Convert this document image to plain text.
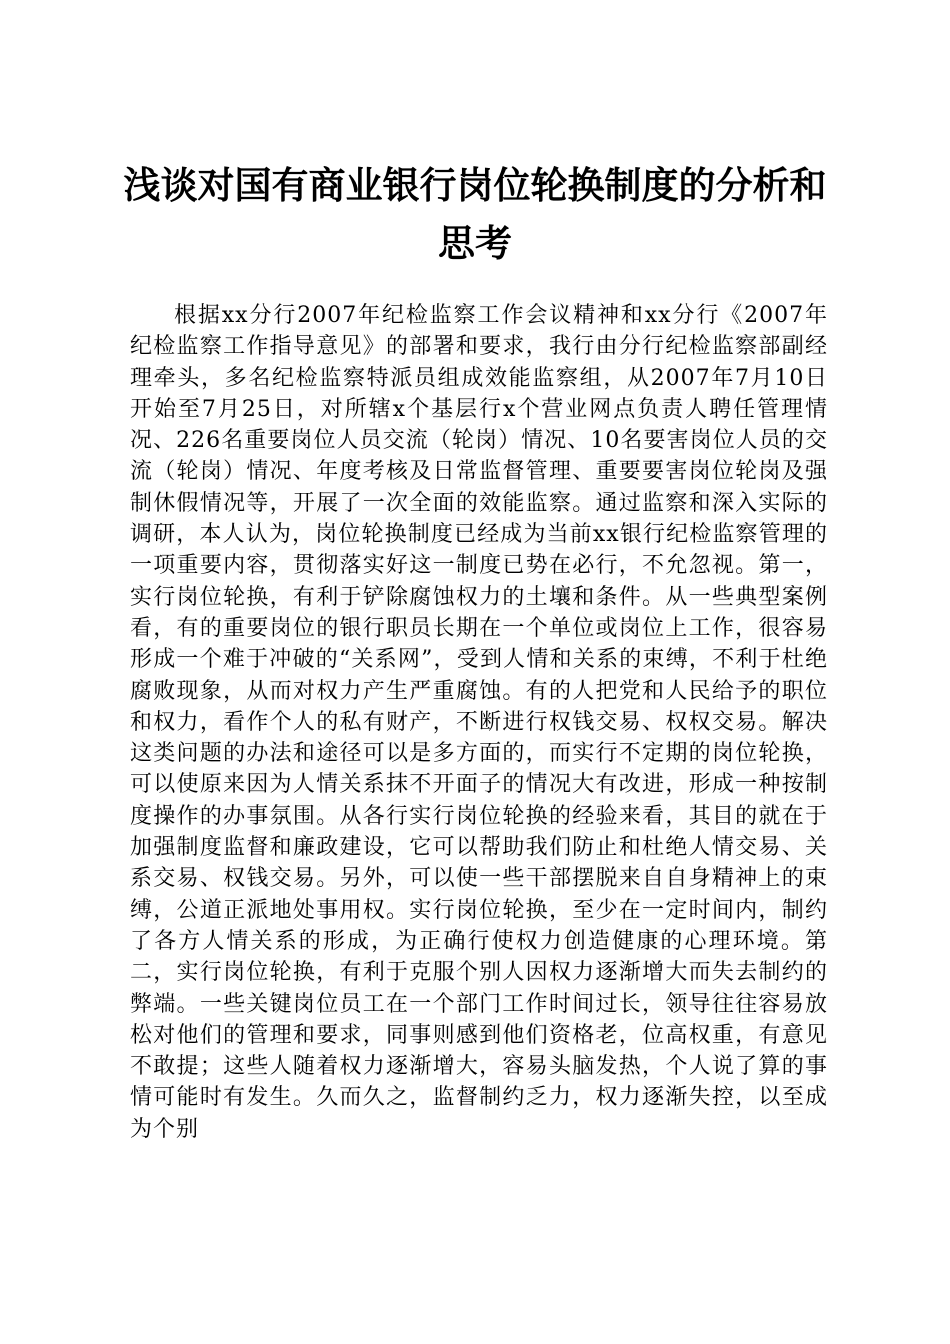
浅谈对国有商业银行岗位轮换制度的分析和思考

根据xx分行2007年纪检监察工作会议精神和xx分行《2007年纪检监察工作指导意见》的部署和要求，我行由分行纪检监察部副经理牵头，多名纪检监察特派员组成效能监察组，从2007年7月10日开始至7月25日，对所辖x个基层行x个营业网点负责人聘任管理情况、226名重要岗位人员交流（轮岗）情况、10名要害岗位人员的交流（轮岗）情况、年度考核及日常监督管理、重要要害岗位轮岗及强制休假情况等，开展了一次全面的效能监察。通过监察和深入实际的调研，本人认为，岗位轮换制度已经成为当前xx银行纪检监察管理的一项重要内容，贯彻落实好这一制度已势在必行，不允忽视。第一，实行岗位轮换，有利于铲除腐蚀权力的土壤和条件。从一些典型案例看，有的重要岗位的银行职员长期在一个单位或岗位上工作，很容易形成一个难于冲破的“关系网”，受到人情和关系的束缚，不利于杜绝腐败现象，从而对权力产生严重腐蚀。有的人把党和人民给予的职位和权力，看作个人的私有财产，不断进行权钱交易、权权交易。解决这类问题的办法和途径可以是多方面的，而实行不定期的岗位轮换，可以使原来因为人情关系抹不开面子的情况大有改进，形成一种按制度操作的办事氛围。从各行实行岗位轮换的经验来看，其目的就在于加强制度监督和廉政建设，它可以帮助我们防止和杜绝人情交易、关系交易、权钱交易。另外，可以使一些干部摆脱来自自身精神上的束缚，公道正派地处事用权。实行岗位轮换，至少在一定时间内，制约了各方人情关系的形成，为正确行使权力创造健康的心理环境。第二，实行岗位轮换，有利于克服个别人因权力逐渐增大而失去制约的弊端。一些关键岗位员工在一个部门工作时间过长，领导往往容易放松对他们的管理和要求，同事则感到他们资格老，位高权重，有意见不敢提；这些人随着权力逐渐增大，容易头脑发热，个人说了算的事情可能时有发生。久而久之，监督制约乏力，权力逐渐失控，以至成为个别
